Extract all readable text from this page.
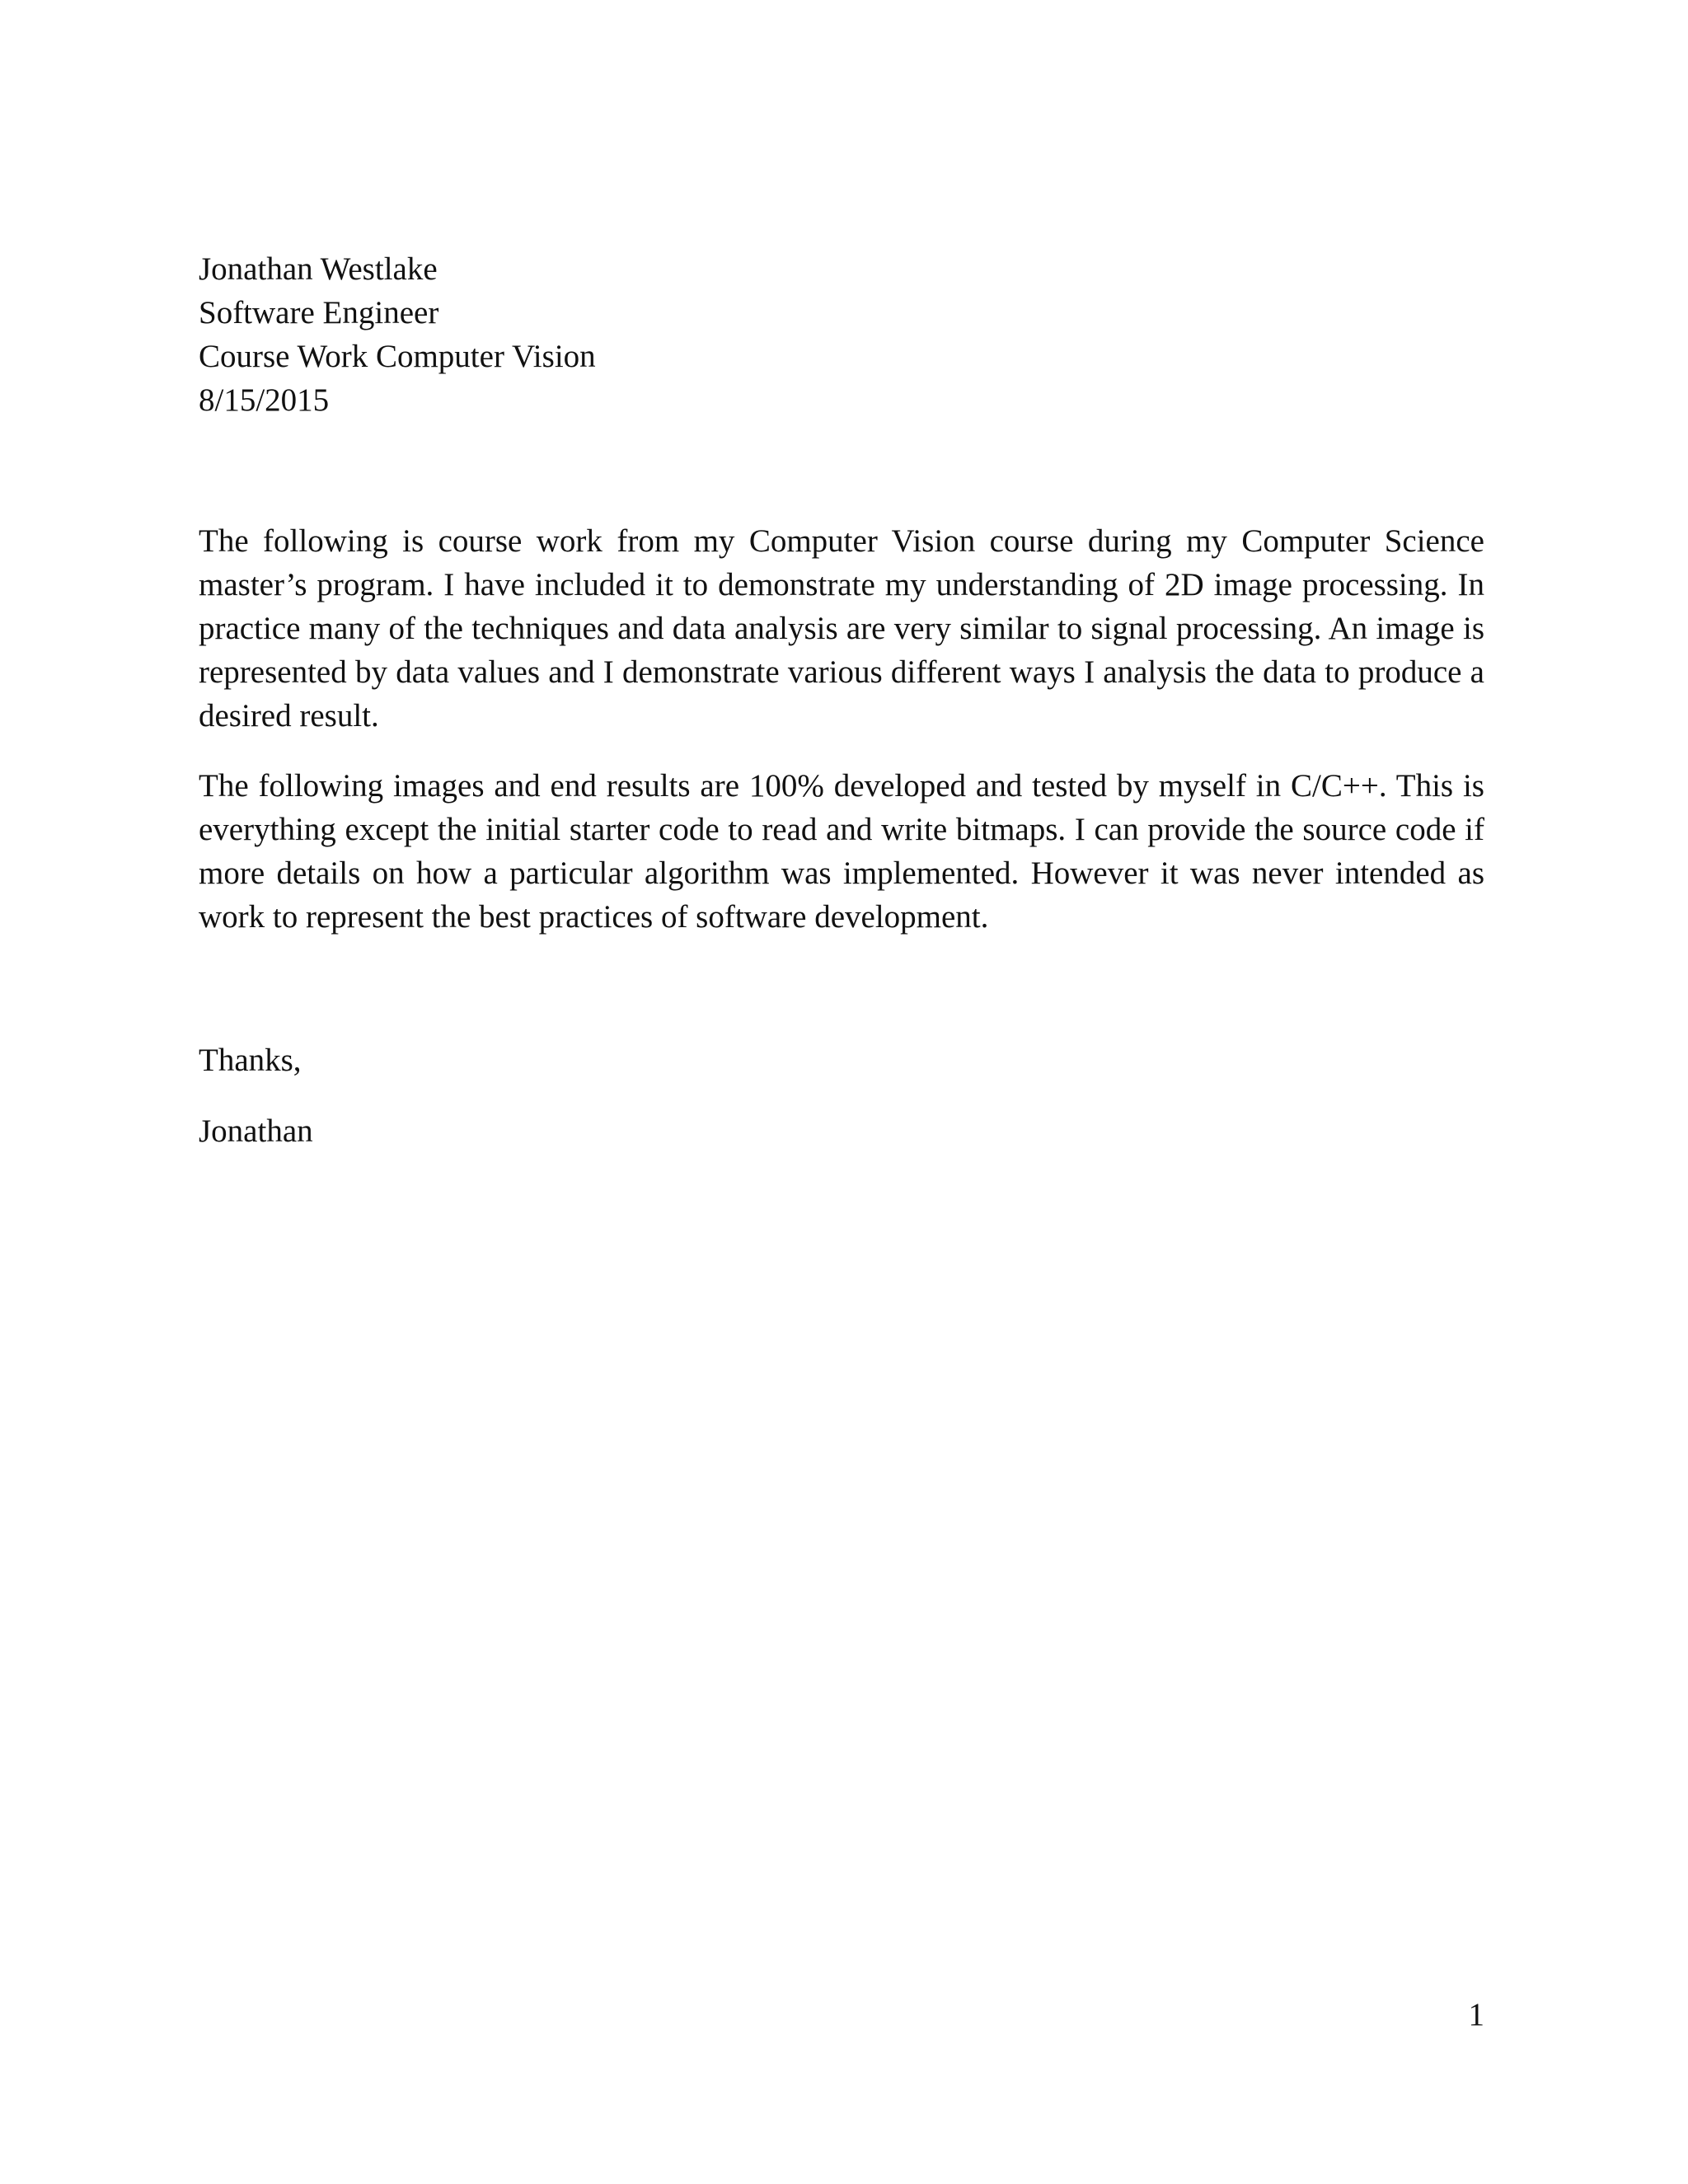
Jonathan Westlake
Software Engineer
Course Work Computer Vision
8/15/2015

The following is course work from my Computer Vision course during my Computer Science master’s program. I have included it to demonstrate my understanding of 2D image processing. In practice many of the techniques and data analysis are very similar to signal processing. An image is represented by data values and I demonstrate various different ways I analysis the data to produce a desired result.

The following images and end results are 100% developed and tested by myself in C/C++. This is everything except the initial starter code to read and write bitmaps. I can provide the source code if more details on how a particular algorithm was implemented. However it was never intended as work to represent the best practices of software development.

Thanks,
Jonathan
1
